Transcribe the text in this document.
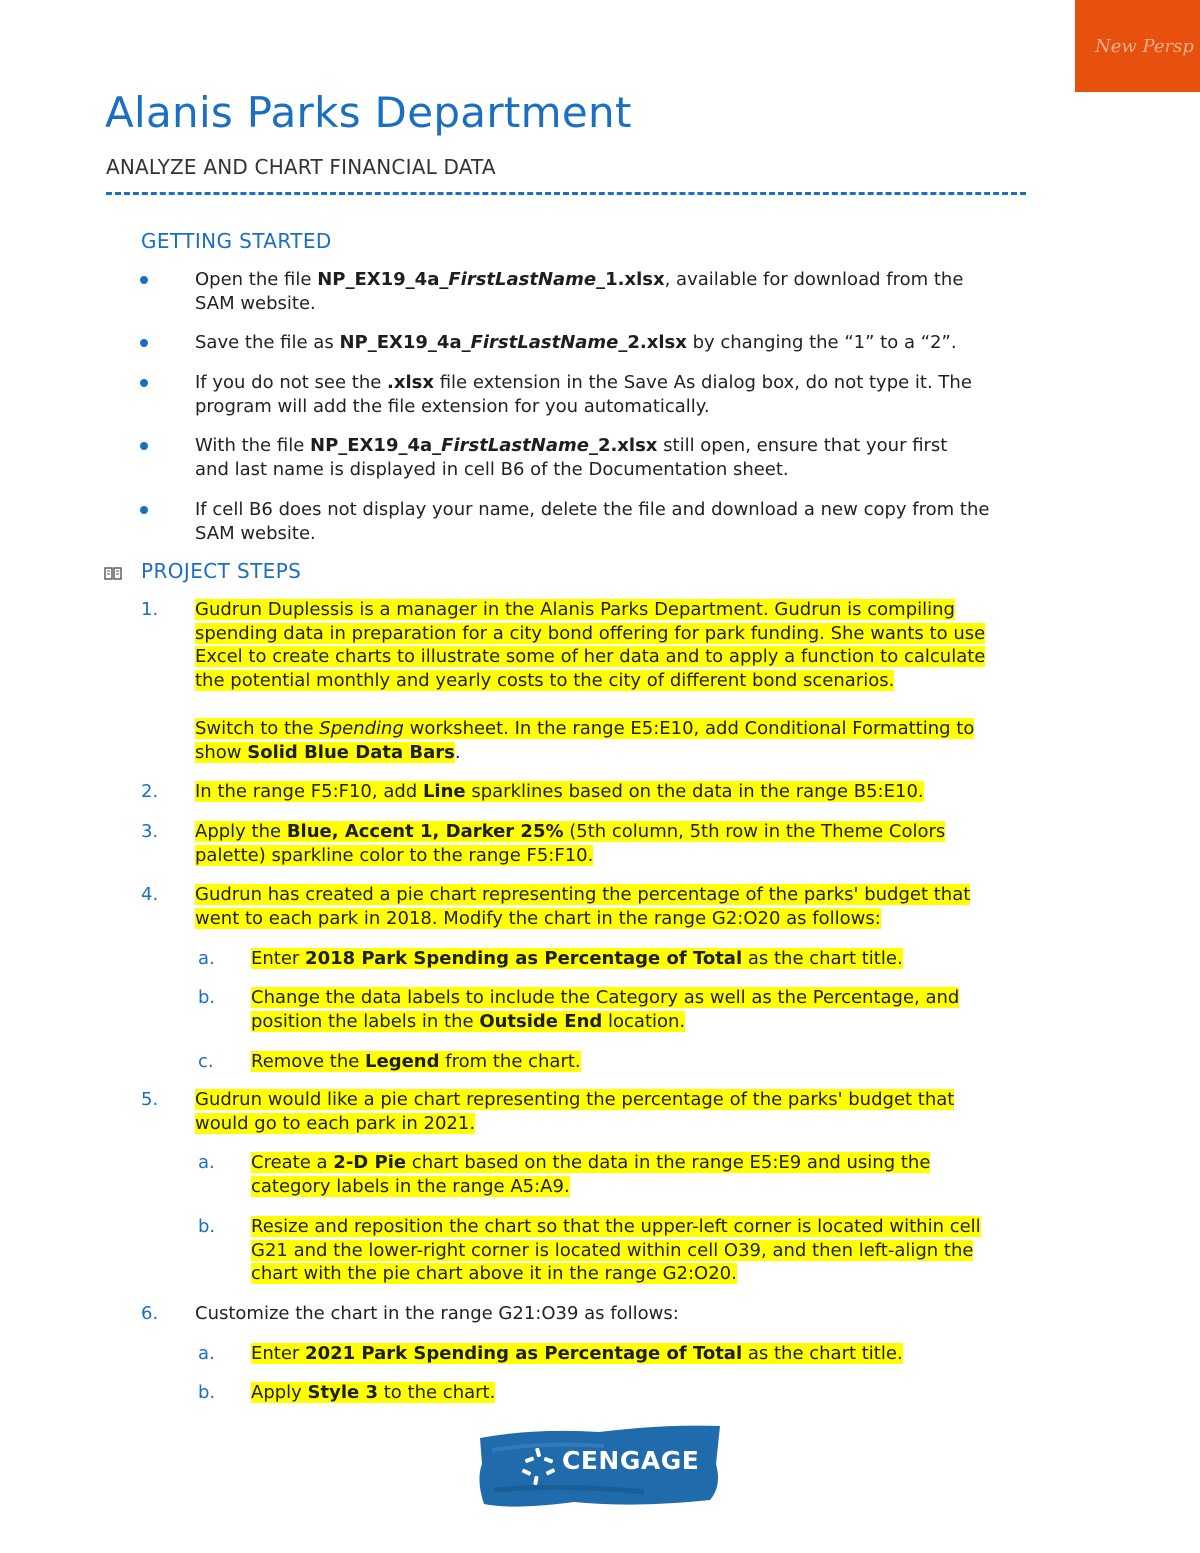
New Persp
Alanis Parks Department
ANALYZE AND CHART FINANCIAL DATA
GETTING STARTED
Open the file NP_EX19_4a_FirstLastName_1.xlsx, available for download from the
SAM website.
Save the file as NP_EX19_4a_FirstLastName_2.xlsx by changing the “1” to a “2”.
If you do not see the .xlsx file extension in the Save As dialog box, do not type it. The
program will add the file extension for you automatically.
With the file NP_EX19_4a_FirstLastName_2.xlsx still open, ensure that your first
and last name is displayed in cell B6 of the Documentation sheet.
If cell B6 does not display your name, delete the file and download a new copy from the
SAM website.
PROJECT STEPS
1. Gudrun Duplessis is a manager in the Alanis Parks Department. Gudrun is compiling
spending data in preparation for a city bond offering for park funding. She wants to use
Excel to create charts to illustrate some of her data and to apply a function to calculate
the potential monthly and yearly costs to the city of different bond scenarios.
Switch to the Spending worksheet. In the range E5:E10, add Conditional Formatting to
show Solid Blue Data Bars.
2. In the range F5:F10, add Line sparklines based on the data in the range B5:E10.
3. Apply the Blue, Accent 1, Darker 25% (5th column, 5th row in the Theme Colors
palette) sparkline color to the range F5:F10.
4. Gudrun has created a pie chart representing the percentage of the parks' budget that
went to each park in 2018. Modify the chart in the range G2:O20 as follows:
a. Enter 2018 Park Spending as Percentage of Total as the chart title.
b. Change the data labels to include the Category as well as the Percentage, and
position the labels in the Outside End location.
c. Remove the Legend from the chart.
5. Gudrun would like a pie chart representing the percentage of the parks' budget that
would go to each park in 2021.
a. Create a 2-D Pie chart based on the data in the range E5:E9 and using the
category labels in the range A5:A9.
b. Resize and reposition the chart so that the upper-left corner is located within cell
G21 and the lower-right corner is located within cell O39, and then left-align the
chart with the pie chart above it in the range G2:O20.
6. Customize the chart in the range G21:O39 as follows:
a. Enter 2021 Park Spending as Percentage of Total as the chart title.
b. Apply Style 3 to the chart.
CENGAGE
